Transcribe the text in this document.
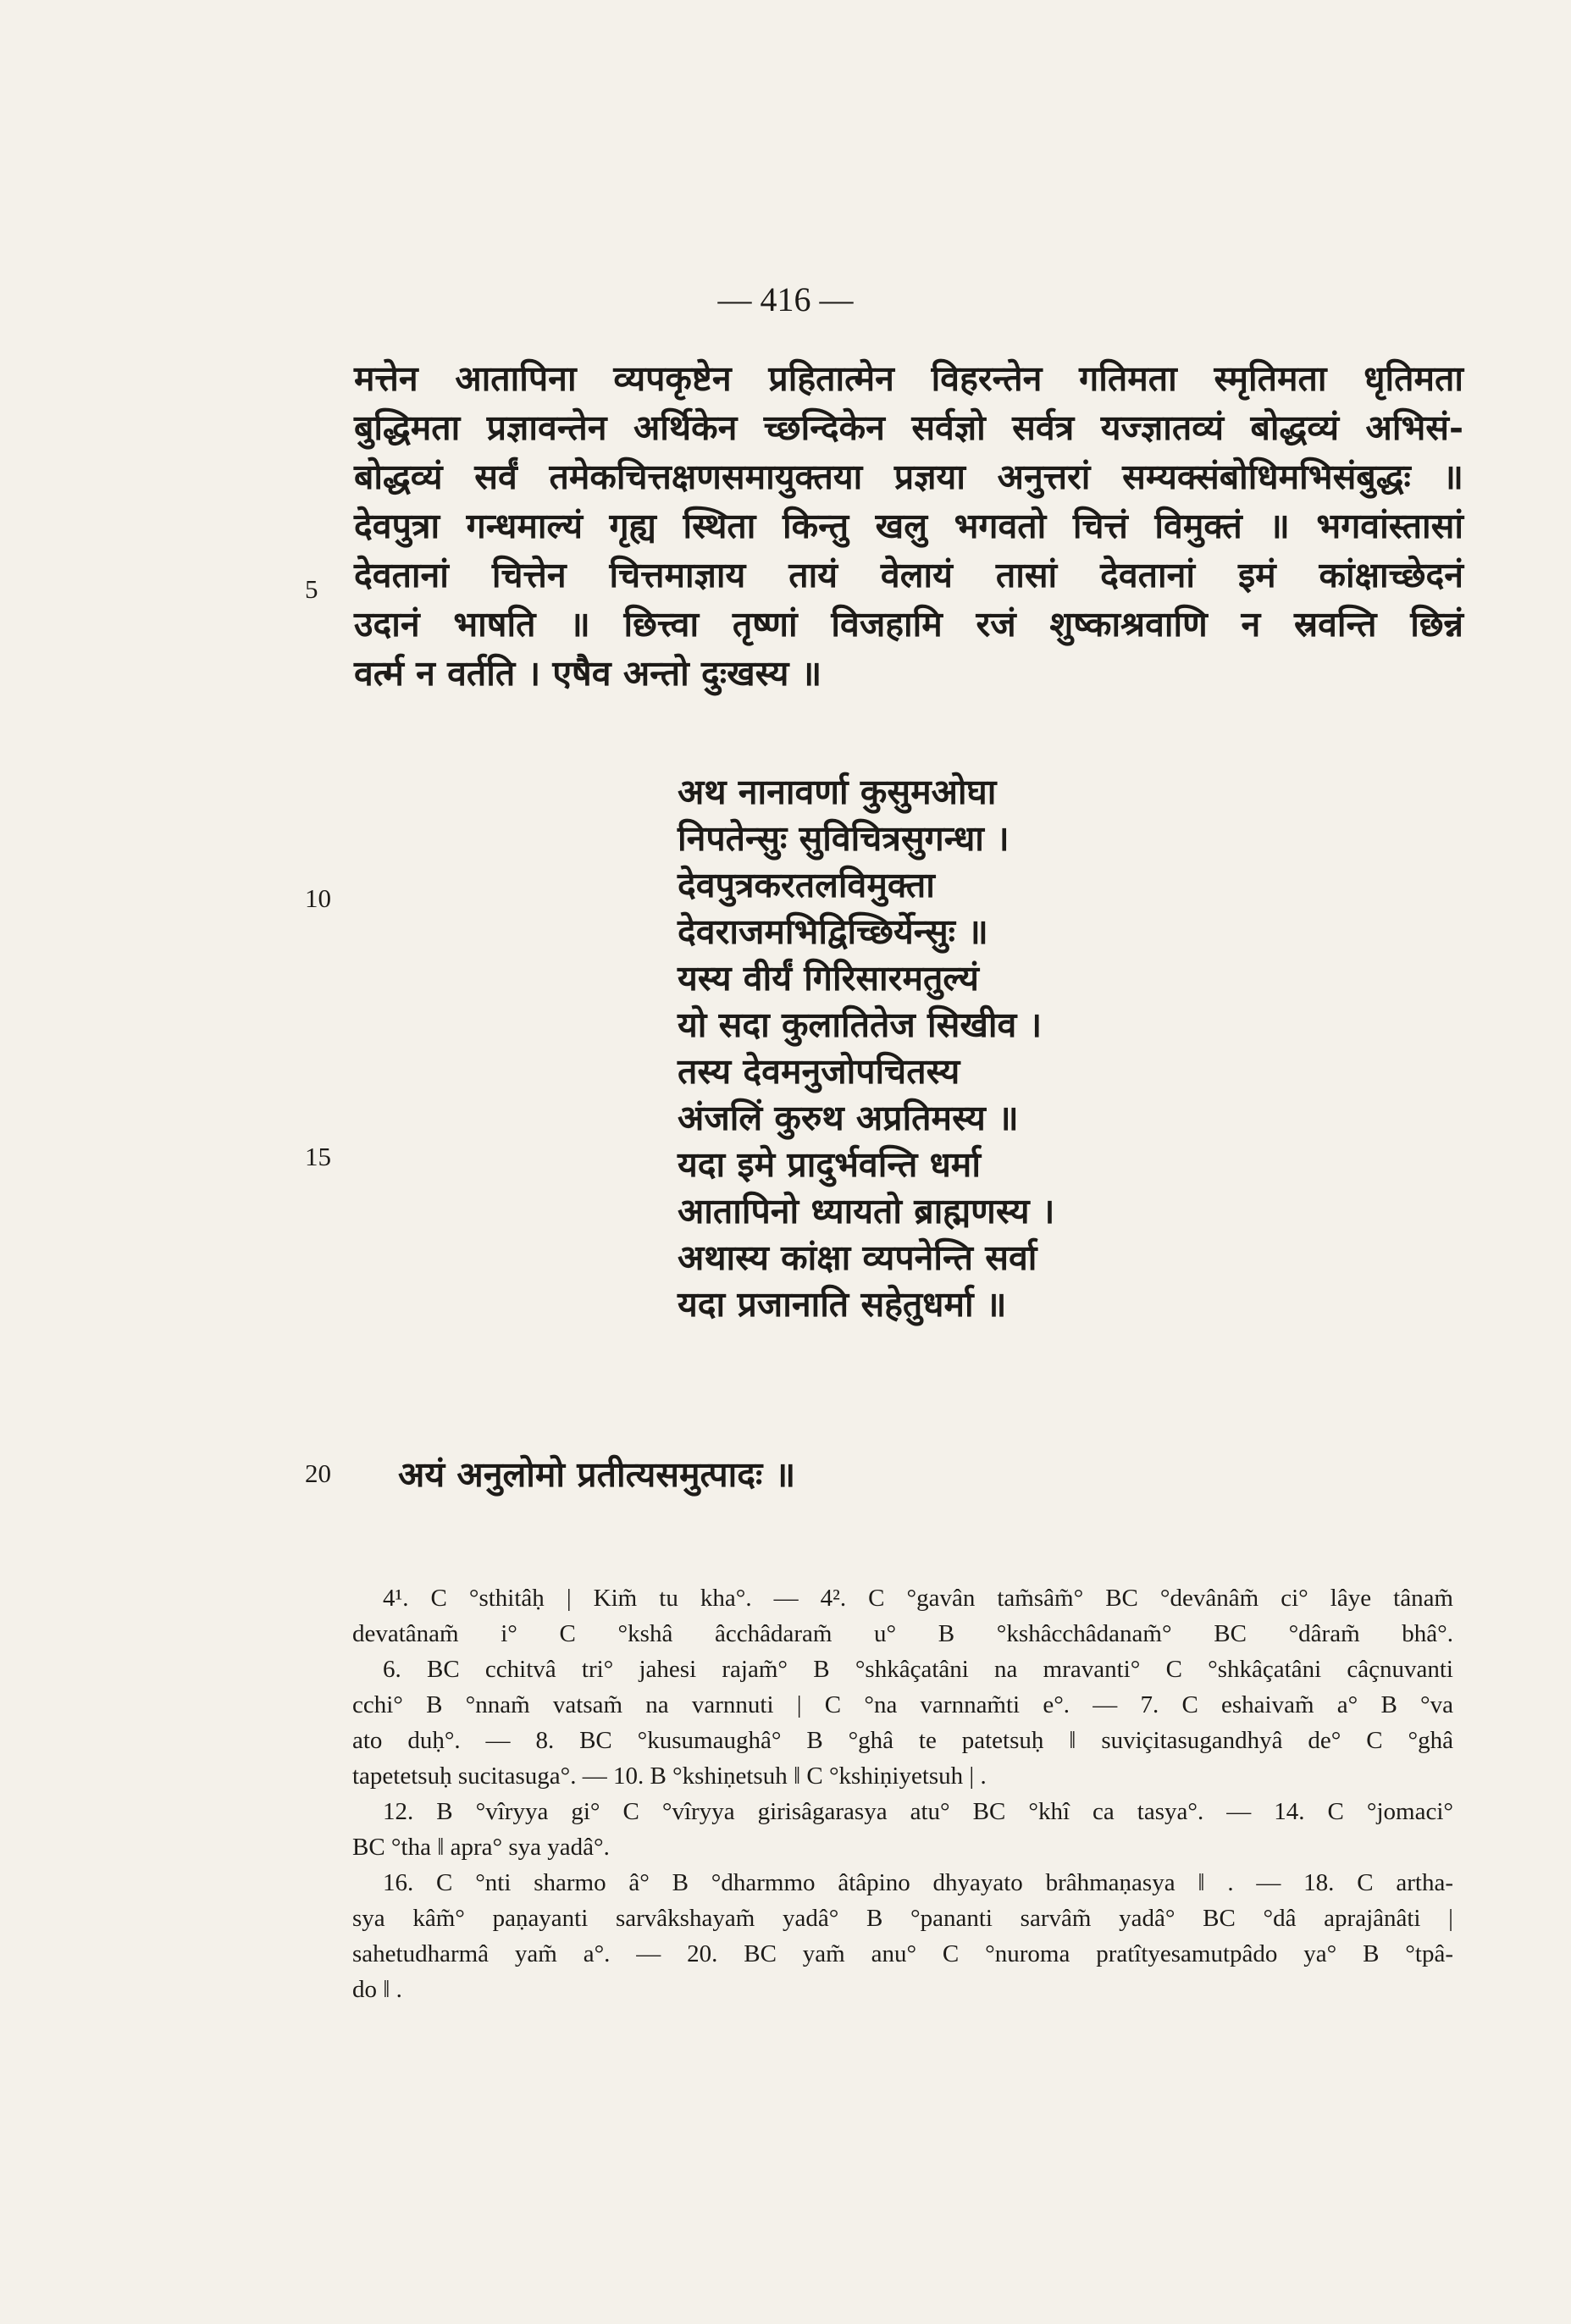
— 416 —
मत्तेन आतापिना व्यपकृष्टेन प्रहितात्मेन विहरन्तेन गतिमता स्मृतिमता धृतिमता
बुद्धिमता प्रज्ञावन्तेन अर्थिकेन च्छन्दिकेन सर्वज्ञो सर्वत्र यज्ज्ञातव्यं बोद्धव्यं अभिसं-
बोद्धव्यं सर्वं तमेकचित्तक्षणसमायुक्तया प्रज्ञया अनुत्तरां सम्यक्संबोधिमभिसंबुद्धः ॥
देवपुत्रा गन्धमाल्यं गृह्य स्थिता किन्तु खलु भगवतो चित्तं विमुक्तं ॥ भगवांस्तासां
देवतानां चित्तेन चित्तमाज्ञाय तायं वेलायं तासां देवतानां इमं कांक्षाच्छेदनं
उदानं भाषति ॥ छित्त्वा तृष्णां विजहामि रजं शुष्काश्रवाणि न स्रवन्ति छिन्नं
वर्त्म न वर्तति । एषैव अन्तो दुःखस्य ॥
5
10
15
20
अथ नानावर्णा कुसुमओघा
निपतेन्सुः सुविचित्रसुगन्धा ।
देवपुत्रकरतलविमुक्ता
देवराजमभिद्विच्छिर्येन्सुः ॥
यस्य वीर्यं गिरिसारमतुल्यं
यो सदा कुलातितेज सिखीव ।
तस्य देवमनुजोपचितस्य
अंजलिं कुरुथ अप्रतिमस्य ॥
यदा इमे प्रादुर्भवन्ति धर्मा
आतापिनो ध्यायतो ब्राह्मणस्य ।
अथास्य कांक्षा व्यपनेन्ति सर्वा
यदा प्रजानाति सहेतुधर्मा ॥
अयं अनुलोमो प्रतीत्यसमुत्पादः ॥
4¹. C °sthitâḥ | Kim̃ tu kha°. — 4². C °gavân tam̃sâm̃° BC °devânâm̃ ci° lâye tânam̃
devatânam̃ i° C °kshâ âcchâdaram̃ u° B °kshâcchâdanam̃° BC °dâram̃ bhâ°.
6. BC cchitvâ tri° jahesi rajam̃° B °shkâçatâni na mravanti° C °shkâçatâni câçnuvanti
cchi° B °nnam̃ vatsam̃ na varnnuti | C °na varnnam̃ti e°. — 7. C eshaivam̃ a° B °va
ato duḥ°. — 8. BC °kusumaughâ° B °ghâ te patetsuḥ ‖ suviçitasugandhyâ de° C °ghâ
tapetetsuḥ sucitasuga°. — 10. B °kshiṇetsuh ‖ C °kshiṇiyetsuh | .
12. B °vîryya gi° C °vîryya girisâgarasya atu° BC °khî ca tasya°. — 14. C °jomaci°
BC °tha ‖ apra° sya yadâ°.
16. C °nti sharmo â° B °dharmmo âtâpino dhyayato brâhmaṇasya ‖ . — 18. C artha-
sya kâm̃° paṇayanti sarvâkshayam̃ yadâ° B °pananti sarvâm̃ yadâ° BC °dâ aprajânâti |
sahetudharmâ yam̃ a°. — 20. BC yam̃ anu° C °nuroma pratîtyesamutpâdo ya° B °tpâ-
do ‖ .
